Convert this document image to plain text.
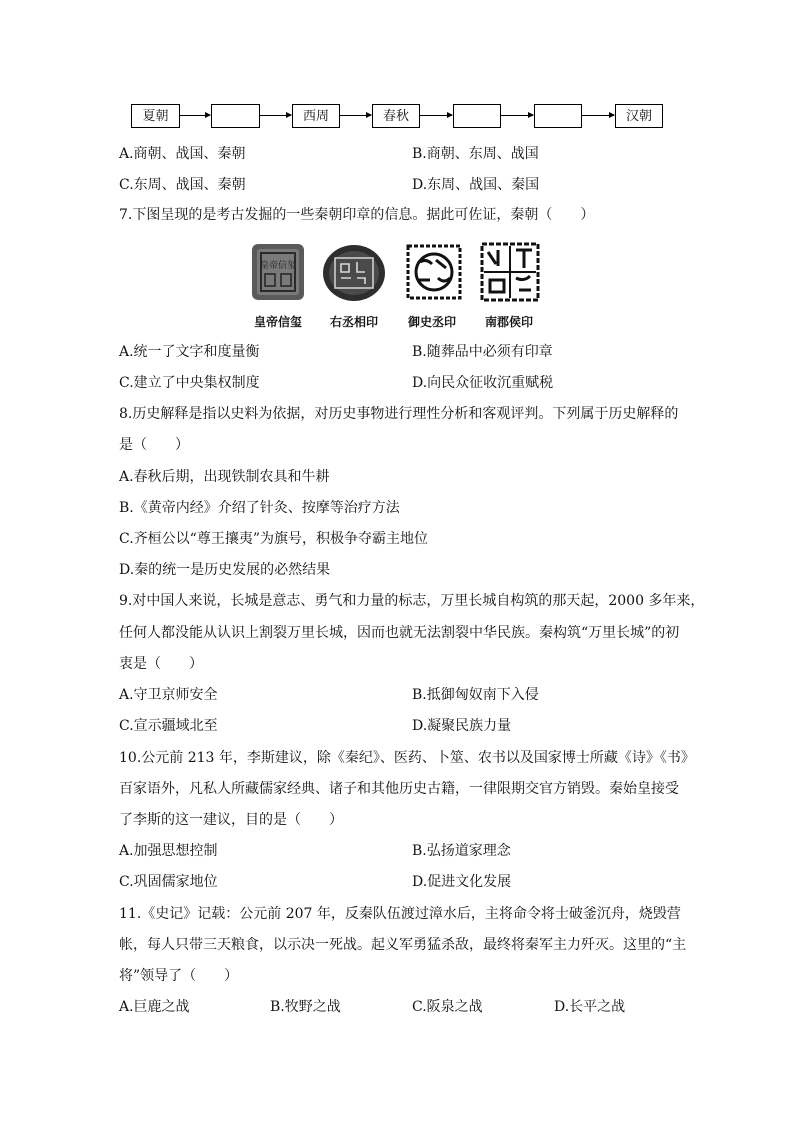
夏朝	西周	春秋	汉朝
A.商朝、战国、秦朝	B.商朝、东周、战国
C.东周、战国、秦朝	D.东周、战国、秦国
7.下图呈现的是考古发掘的一些秦朝印章的信息。据此可佐证，秦朝（　　）
皇帝信玺
皇帝信玺 右丞相印 御史丞印 南郡侯印
A.统一了文字和度量衡	B.随葬品中必须有印章
C.建立了中央集权制度	D.向民众征收沉重赋税
8.历史解释是指以史料为依据，对历史事物进行理性分析和客观评判。下列属于历史解释的
是（　　）
A.春秋后期，出现铁制农具和牛耕
B.《黄帝内经》介绍了针灸、按摩等治疗方法
C.齐桓公以“尊王攘夷”为旗号，积极争夺霸主地位
D.秦的统一是历史发展的必然结果
9.对中国人来说，长城是意志、勇气和力量的标志，万里长城自构筑的那天起，2000 多年来，
任何人都没能从认识上割裂万里长城，因而也就无法割裂中华民族。秦构筑“万里长城”的初
衷是（　　）
A.守卫京师安全	B.抵御匈奴南下入侵
C.宣示疆域北至	D.凝聚民族力量
10.公元前 213 年，李斯建议，除《秦纪》、医药、卜筮、农书以及国家博士所藏《诗》《书》
百家语外，凡私人所藏儒家经典、诸子和其他历史古籍，一律限期交官方销毁。秦始皇接受
了李斯的这一建议，目的是（　　）
A.加强思想控制	B.弘扬道家理念
C.巩固儒家地位	D.促进文化发展
11.《史记》记载：公元前 207 年，反秦队伍渡过漳水后，主将命令将士破釜沉舟，烧毁营
帐，每人只带三天粮食，以示决一死战。起义军勇猛杀敌，最终将秦军主力歼灭。这里的“主
将”领导了（　　）
A.巨鹿之战	B.牧野之战	C.阪泉之战	D.长平之战
